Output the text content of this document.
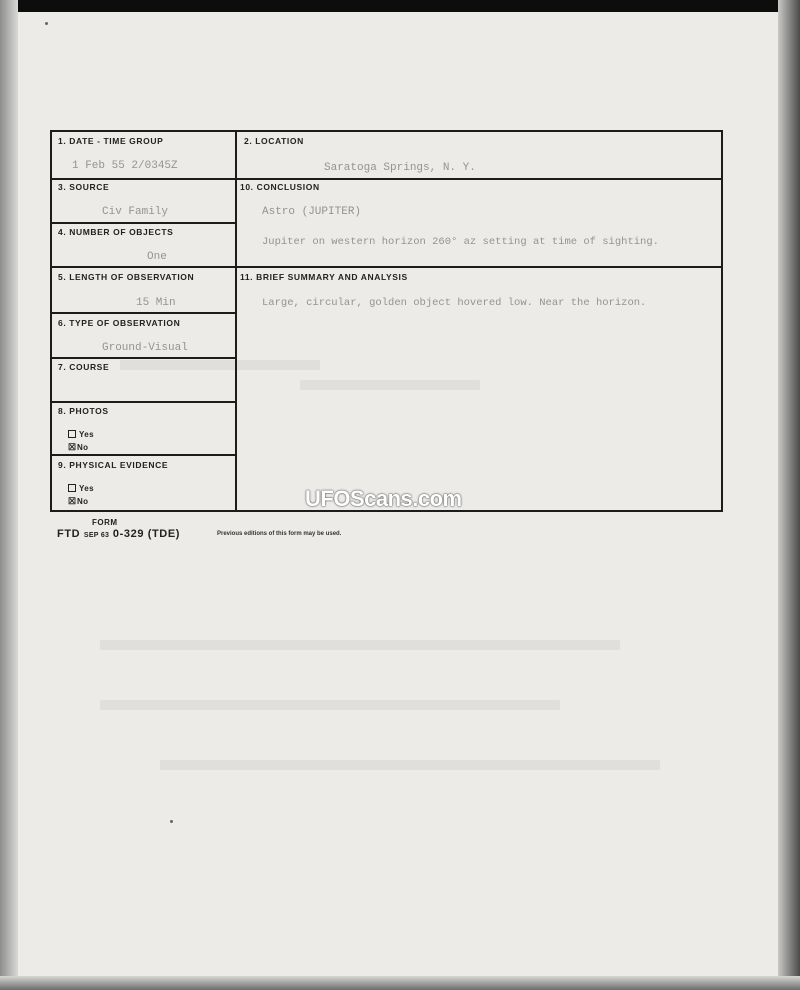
1. DATE - TIME GROUP
1 Feb 55 2/0345Z
2. LOCATION
Saratoga Springs, N. Y.
3. SOURCE
Civ Family
10. CONCLUSION
Astro (JUPITER)
Jupiter on western horizon 260° az setting at time of sighting.
4. NUMBER OF OBJECTS
One
5. LENGTH OF OBSERVATION
15 Min
11. BRIEF SUMMARY AND ANALYSIS
Large, circular, golden object hovered low. Near the horizon.
6. TYPE OF OBSERVATION
Ground-Visual
7. COURSE
8. PHOTOS
Yes
☒No
9. PHYSICAL EVIDENCE
Yes
☒No	UFOScans.com
FORM
FTD SEP 63 0-329 (TDE)	Previous editions of this form may be used.
